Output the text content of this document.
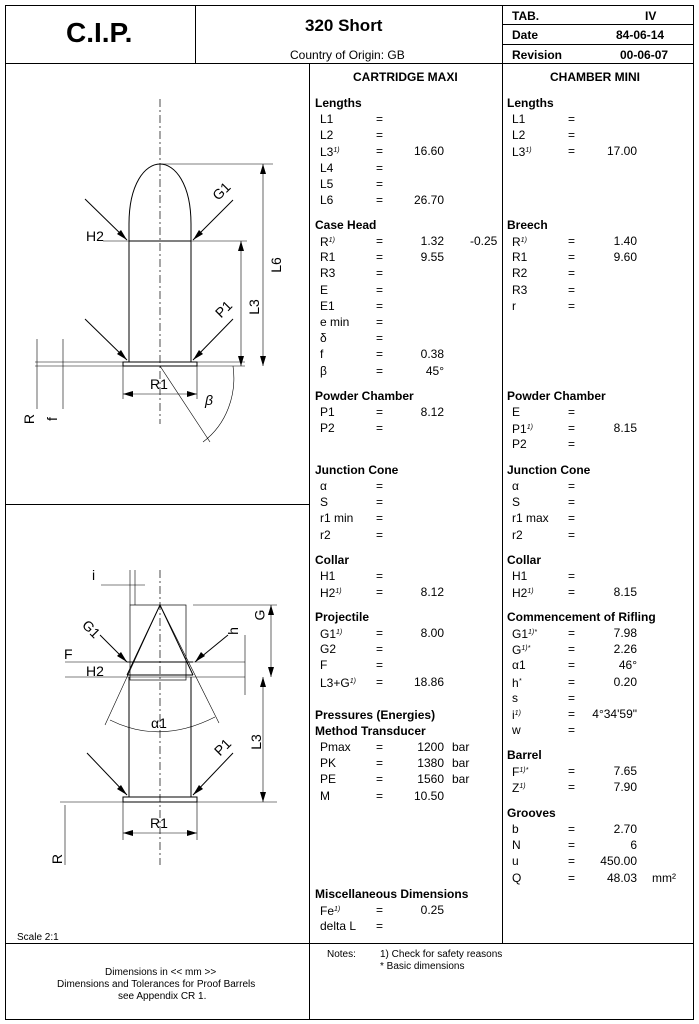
C.I.P.	320 Short
Country of Origin: GB
TAB.	IV
Date	84-06-14
Revision	00-06-07
CARTRIDGE MAXI	CHAMBER MINI
Lengths
L1	=
L2	=
$L3^{1)}$	=	16.60
L4	=
L5	=
L6	=	26.70
Case Head
$R^{1)}$	=	1.32 -0.25
R1	=	9.55
R3	=
E	=
E1	=
e min =
δ	=
f	=	0.38
β	=	45°
Powder Chamber
P1	=	8.12
P2	=
Junction Cone
α	=
S	=
r1 min =
r2	=
Collar
H1	=
$H2^{1)}$	=	8.12
Projectile
$G1^{1)}$	=	8.00
G2	=
F	=
$L3+G^{1)}$ =	18.86
Pressures (Energies)
Method Transducer
Pmax =	1200 bar
PK	=	1380 bar
PE	=	1560 bar
M	=	10.50
Miscellaneous Dimensions
$Fe^{1)}$	=	0.25
delta L =
Lengths
L1	=
L2	=
$L3^{1)}$	=	17.00
Breech
$R^{1)}$	=	1.40
R1	=	9.60
R2	=
R3	=
r	=
Powder Chamber
E	=
$P1^{1)}$	=	8.15
P2	=
Junction Cone
α	=
S	=
r1 max =
r2	=
Collar
H1	=
$H2^{1)}$	=	8.15
Commencement of Rifling
$G1^{1)*}$	=	7.98
$G^{1)*}$	=	2.26
α1	=	46°
h*	=	0.20
s	=
$i^{1)}$	= 4°34'59"
w	=
Barrel
$F^{1)*}$	=	7.65
$Z^{1)}$	=	7.90
Grooves
b	=	2.70
N	=	6
u	= 450.00
Q	=	48.03 mm²
H2
G1
L6
L3
P1
R1
R f
β
i
G1
F
H2
h
G
α1
P1 L3
R1
R
Scale 2:1
Dimensions in << mm >>
Dimensions and Tolerances for Proof Barrels
see Appendix CR 1.
Notes: 1) Check for safety reasons
* Basic dimensions
